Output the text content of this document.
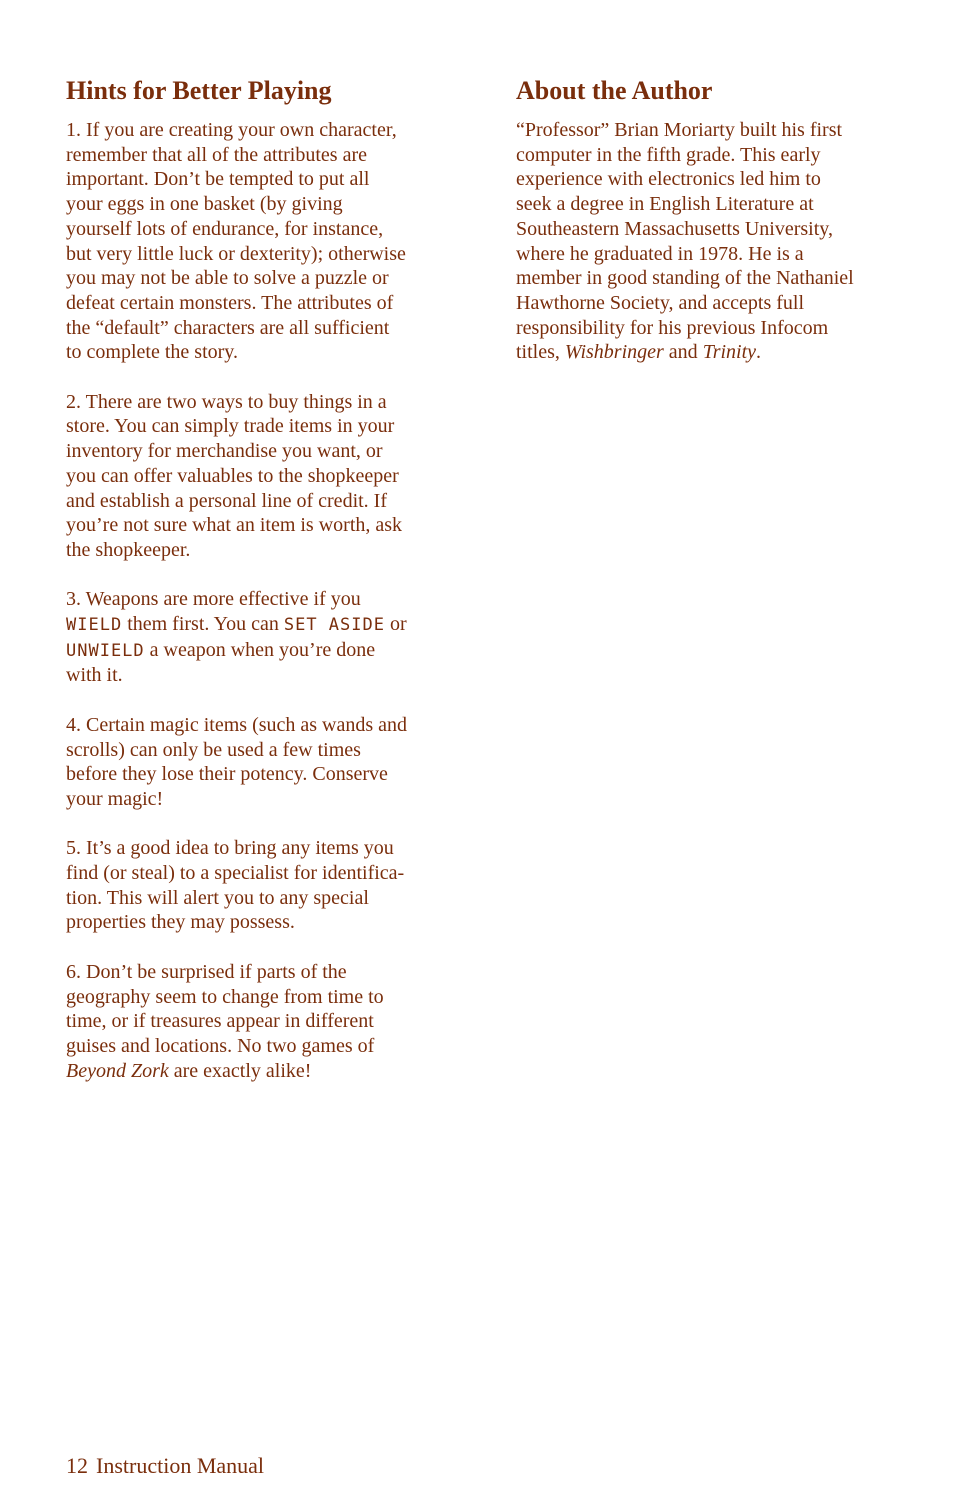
Hints for Better Playing

1. If you are creating your own character,
remember that all of the attributes are
important. Don’t be tempted to put all
your eggs in one basket (by giving
yourself lots of endurance, for instance,
but very little luck or dexterity); otherwise
you may not be able to solve a puzzle or
defeat certain monsters. The attributes of
the “default” characters are all sufficient
to complete the story.

2. There are two ways to buy things in a
store. You can simply trade items in your
inventory for merchandise you want, or
you can offer valuables to the shopkeeper
and establish a personal line of credit. If
you’re not sure what an item is worth, ask
the shopkeeper.

3. Weapons are more effective if you
WIELD them first. You can SET ASIDE or
UNWIELD a weapon when you’re done
with it.

4. Certain magic items (such as wands and
scrolls) can only be used a few times
before they lose their potency. Conserve
your magic!

5. It’s a good idea to bring any items you
find (or steal) to a specialist for identifica-
tion. This will alert you to any special
properties they may possess.

6. Don’t be surprised if parts of the
geography seem to change from time to
time, or if treasures appear in different
guises and locations. No two games of
Beyond Zork are exactly alike!

About the Author

“Professor” Brian Moriarty built his first
computer in the fifth grade. This early
experience with electronics led him to
seek a degree in English Literature at
Southeastern Massachusetts University,
where he graduated in 1978. He is a
member in good standing of the Nathaniel
Hawthorne Society, and accepts full
responsibility for his previous Infocom
titles, Wishbringer and Trinity.

12 Instruction Manual
